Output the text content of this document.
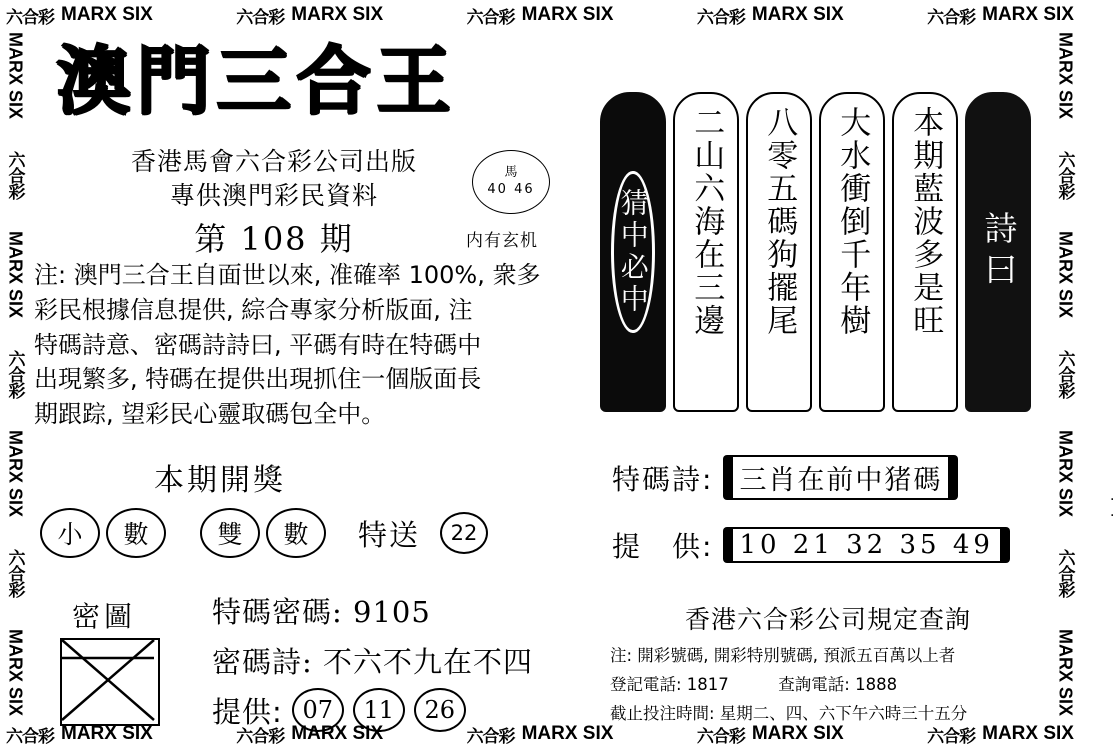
六合彩 MARX SIX	六合彩 MARX SIX	六合彩 MARX SIX	六合彩 MARX SIX	六合彩 MARX SIX
六合彩 MARX SIX	六合彩 MARX SIX	六合彩 MARX SIX	六合彩 MARX SIX	六合彩 MARX SIX
MARX SIX
六合彩
MARX SIX
六合彩
MARX SIX
六合彩
MARX SIX
MARX SIX
六合彩
MARX SIX
六合彩
MARX SIX
六合彩
MARX SIX
澳門三合王
香港馬會六合彩公司出版
專供澳門彩民資料
第 108 期
馬
40 46
内有玄机
注: 澳門三合王自面世以來, 准確率 100%, 衆多
彩民根據信息提供, 綜合專家分析版面, 注
特碼詩意、密碼詩詩曰, 平碼有時在特碼中
出現繁多, 特碼在提供出現抓住一個版面長
期跟踪, 望彩民心靈取碼包全中。
本期開獎
小	數	雙	數	特送	22
密圖	特碼密碼: 9105
密碼詩: 不六不九在不四
提供: 07	11	26
詩曰
本期藍波多是旺
大水衝倒千年樹
八零五碼狗擺尾
二山六海在三邊
猜中必中
· ·
特碼詩: 三肖在前中猪碼
提　供: 10 21 32 35 49
香港六合彩公司規定查詢
注: 開彩號碼, 開彩特別號碼, 預派五百萬以上者
登記電話: 1817　　　查詢電話: 1888
截止投注時間: 星期二、四、六下午六時三十五分
